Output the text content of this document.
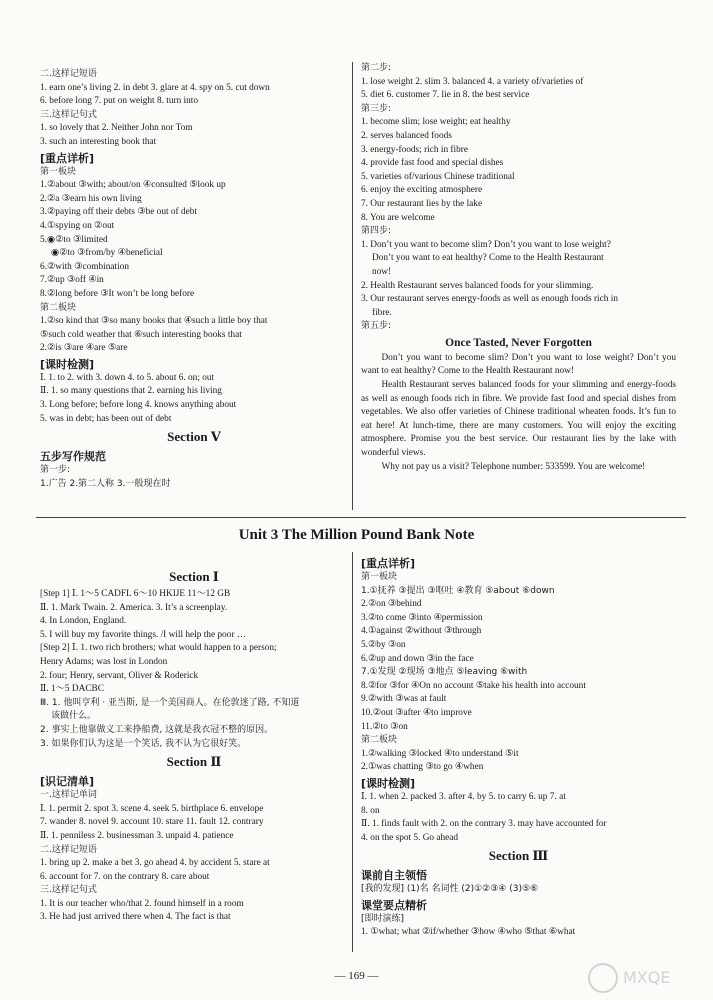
二.这样记短语
1. earn one’s living 2. in debt 3. glare at 4. spy on 5. cut down
6. before long 7. put on weight 8. turn into
三.这样记句式
1. so lovely that 2. Neither John nor Tom
3. such an interesting book that
[重点详析]
第一板块
1.②about ③with; about/on ④consulted ⑤look up
2.②a ③earn his own living
3.②paying off their debts ③be out of debt
4.①spying on ②out
5.◉②to ③limited
◉②to ③from/by ④beneficial
6.②with ③combination
7.②up ③off ④in
8.②long before ③It won’t be long before
第二板块
1.②so kind that ③so many books that ④such a little boy that
⑤such cold weather that ⑥such interesting books that
2.②is ③are ④are ⑤are
[课时检测]
Ⅰ. 1. to 2. with 3. down 4. to 5. about 6. on; out
Ⅱ. 1. so many questions that 2. earning his living
3. Long before; before long 4. knows anything about
5. was in debt; has been out of debt
Section Ⅴ
五步写作规范
第一步:
1.广告 2.第二人称 3.一般现在时
第二步:
1. lose weight 2. slim 3. balanced 4. a variety of/varieties of
5. diet 6. customer 7. lie in 8. the best service
第三步:
1. become slim; lose weight; eat healthy
2. serves balanced foods
3. energy-foods; rich in fibre
4. provide fast food and special dishes
5. varieties of/various Chinese traditional
6. enjoy the exciting atmosphere
7. Our restaurant lies by the lake
8. You are welcome
第四步:
1. Don’t you want to become slim? Don’t you want to lose weight?
Don’t you want to eat healthy? Come to the Health Restaurant
now!
2. Health Restaurant serves balanced foods for your slimming.
3. Our restaurant serves energy-foods as well as enough foods rich in
fibre.
第五步:
Once Tasted, Never Forgotten

Don’t you want to become slim? Don’t you want to lose weight? Don’t you want to eat healthy? Come to the Health Restaurant now!

Health Restaurant serves balanced foods for your slimming and energy-foods as well as enough foods rich in fibre. We provide fast food and special dishes from vegetables. We also offer varieties of Chinese traditional wheaten foods. It’s fun to eat here! At lunch-time, there are many customers. You will enjoy the exciting atmosphere. Promise you the best service. Our restaurant lies by the lake with wonderful views.

Why not pay us a visit? Telephone number: 533599. You are welcome!

Unit 3 The Million Pound Bank Note
Section Ⅰ
[Step 1] Ⅰ. 1～5 CADFL 6～10 HKIJE 11～12 GB
Ⅱ. 1. Mark Twain. 2. America. 3. It’s a screenplay.
4. In London, England.
5. I will buy my favorite things. /I will help the poor …
[Step 2] Ⅰ. 1. two rich brothers; what would happen to a person;
Henry Adams; was lost in London
2. four; Henry, servant, Oliver & Roderick
Ⅱ. 1～5 DACBC
Ⅲ. 1. 他叫亨利 · 亚当斯, 是一个美国商人。在伦敦迷了路, 不知道
该做什么。
2. 事实上他靠做义工来挣船费, 这就是我衣冠不整的原因。
3. 如果你们认为这是一个笑话, 我不认为它很好笑。
Section Ⅱ
[识记清单]
一.这样记单词
Ⅰ. 1. permit 2. spot 3. scene 4. seek 5. birthplace 6. envelope
7. wander 8. novel 9. account 10. stare 11. fault 12. contrary
Ⅱ. 1. penniless 2. businessman 3. unpaid 4. patience
二.这样记短语
1. bring up 2. make a bet 3. go ahead 4. by accident 5. stare at
6. account for 7. on the contrary 8. care about
三.这样记句式
1. It is our teacher who/that 2. found himself in a room
3. He had just arrived there when 4. The fact is that
[重点详析]
第一板块
1.①抚养 ③提出 ③呕吐 ④教育 ⑤about ⑥down
2.②on ③behind
3.②to come ③into ④permission
4.①against ②without ③through
5.②by ③on
6.②up and down ③in the face
7.①发现 ②现场 ③地点 ⑤leaving ⑥with
8.②for ③for ④On no account ⑤take his health into account
9.②with ③was at fault
10.②out ③after ④to improve
11.②to ③on
第二板块
1.②walking ③locked ④to understand ⑤it
2.①was chatting ③to go ④when
[课时检测]
Ⅰ. 1. when 2. packed 3. after 4. by 5. to carry 6. up 7. at
8. on
Ⅱ. 1. finds fault with 2. on the contrary 3. may have accounted for
4. on the spot 5. Go ahead
Section Ⅲ
课前自主领悟
[我的发现] (1)名 名词性 (2)①②③④ (3)⑤⑥
课堂要点精析
[即时演练]
1. ①what; what ②if/whether ③how ④who ⑤that ⑥what
— 169 —	MXQE
